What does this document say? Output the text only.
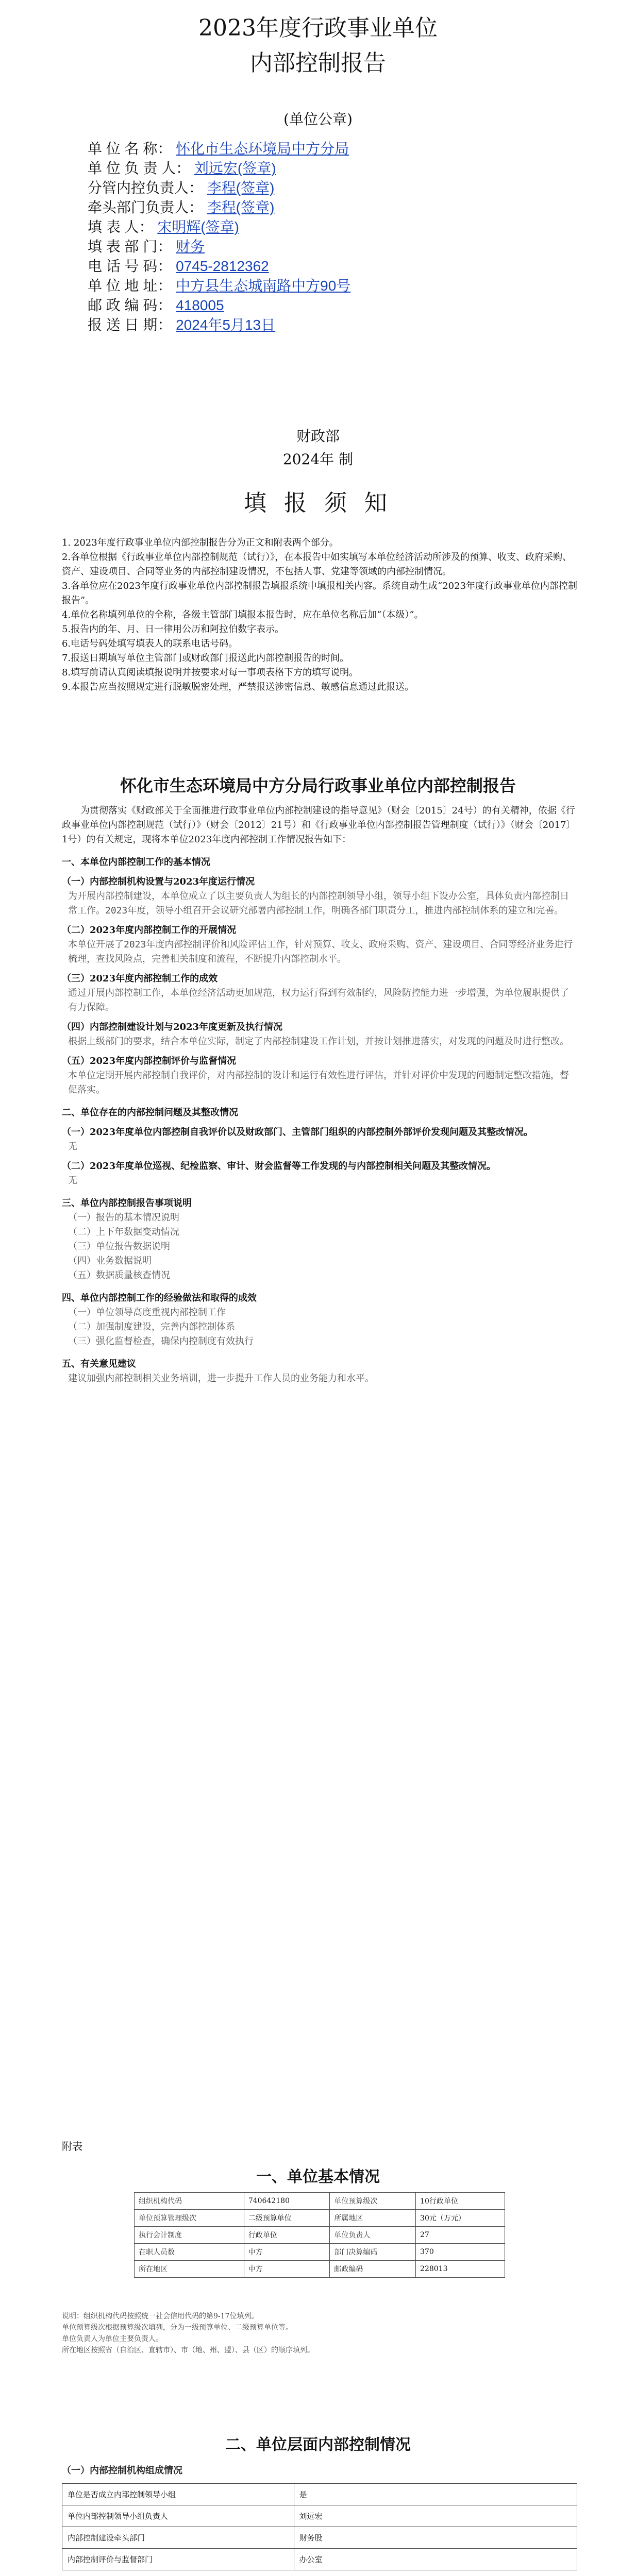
2023年度行政事业单位
内部控制报告
(单位公章)
单 位 名 称： 怀化市生态环境局中方分局
单 位 负 责 人： 刘远宏(签章)
分管内控负责人： 李程(签章)
牵头部门负责人： 李程(签章)
填 表 人： 宋明辉(签章)
填 表 部 门： 财务
电 话 号 码： 0745-2812362
单 位 地 址： 中方县生态城南路中方90号
邮 政 编 码： 418005
报 送 日 期： 2024年5月13日
财政部
2024年 制
填 报 须 知
1. 2023年度行政事业单位内部控制报告分为正文和附表两个部分。
2.各单位根据《行政事业单位内部控制规范（试行）》，在本报告中如实填写本单位经济活动所涉及的预算、收支、政府采购、资产、建设项目、合同等业务的内部控制建设情况，不包括人事、党建等领域的内部控制情况。
3.各单位应在2023年度行政事业单位内部控制报告填报系统中填报相关内容。系统自动生成“2023年度行政事业单位内部控制报告”。
4.单位名称填列单位的全称，各级主管部门填报本报告时，应在单位名称后加“（本级）”。
5.报告内的年、月、日一律用公历和阿拉伯数字表示。
6.电话号码处填写填表人的联系电话号码。
7.报送日期填写单位主管部门或财政部门报送此内部控制报告的时间。
8.填写前请认真阅读填报说明并按要求对每一事项表格下方的填写说明。
9.本报告应当按照规定进行脱敏脱密处理，严禁报送涉密信息、敏感信息通过此报送。
怀化市生态环境局中方分局行政事业单位内部控制报告
为贯彻落实《财政部关于全面推进行政事业单位内部控制建设的指导意见》（财会〔2015〕24号）的有关精神，依据《行政事业单位内部控制规范（试行）》（财会〔2012〕21号）和《行政事业单位内部控制报告管理制度（试行）》（财会〔2017〕1号）的有关规定，现将本单位2023年度内部控制工作情况报告如下：
一、本单位内部控制工作的基本情况
（一）内部控制机构设置与2023年度运行情况
为开展内部控制建设，本单位成立了以主要负责人为组长的内部控制领导小组，领导小组下设办公室，具体负责内部控制日常工作。2023年度，领导小组召开会议研究部署内部控制工作，明确各部门职责分工，推进内部控制体系的建立和完善。
（二）2023年度内部控制工作的开展情况
本单位开展了2023年度内部控制评价和风险评估工作，针对预算、收支、政府采购、资产、建设项目、合同等经济业务进行梳理，查找风险点，完善相关制度和流程，不断提升内部控制水平。
（三）2023年度内部控制工作的成效
通过开展内部控制工作，本单位经济活动更加规范，权力运行得到有效制约，风险防控能力进一步增强，为单位履职提供了有力保障。
（四）内部控制建设计划与2023年度更新及执行情况
根据上级部门的要求，结合本单位实际，制定了内部控制建设工作计划，并按计划推进落实，对发现的问题及时进行整改。
（五）2023年度内部控制评价与监督情况
本单位定期开展内部控制自我评价，对内部控制的设计和运行有效性进行评估，并针对评价中发现的问题制定整改措施，督促落实。
二、单位存在的内部控制问题及其整改情况
（一）2023年度单位内部控制自我评价以及财政部门、主管部门组织的内部控制外部评价发现问题及其整改情况。
无
（二）2023年度单位巡视、纪检监察、审计、财会监督等工作发现的与内部控制相关问题及其整改情况。
无
三、单位内部控制报告事项说明
（一）报告的基本情况说明
（二）上下年数据变动情况
（三）单位报告数据说明
（四）业务数据说明
（五）数据质量核查情况
四、单位内部控制工作的经验做法和取得的成效
（一）单位领导高度重视内部控制工作
（二）加强制度建设，完善内部控制体系
（三）强化监督检查，确保内控制度有效执行
五、有关意见建议
建议加强内部控制相关业务培训，进一步提升工作人员的业务能力和水平。
附表
一、单位基本情况
组织机构代码	740642180	单位预算级次	10行政单位
单位预算管理级次	二级预算单位	所属地区	30元（万元）
执行会计制度	行政单位	单位负责人	27
在职人员数	中方	部门决算编码	370
所在地区	中方	邮政编码	228013
说明：组织机构代码按照统一社会信用代码的第9-17位填列。
单位预算级次根据预算级次填列，分为一级预算单位、二级预算单位等。
单位负责人为单位主要负责人。
所在地区按照省（自治区、直辖市）、市（地、州、盟）、县（区）的顺序填列。
二、单位层面内部控制情况
（一）内部控制机构组成情况
单位是否成立内部控制领导小组	是
单位内部控制领导小组负责人	刘远宏
内部控制建设牵头部门	财务股
内部控制评价与监督部门	办公室
